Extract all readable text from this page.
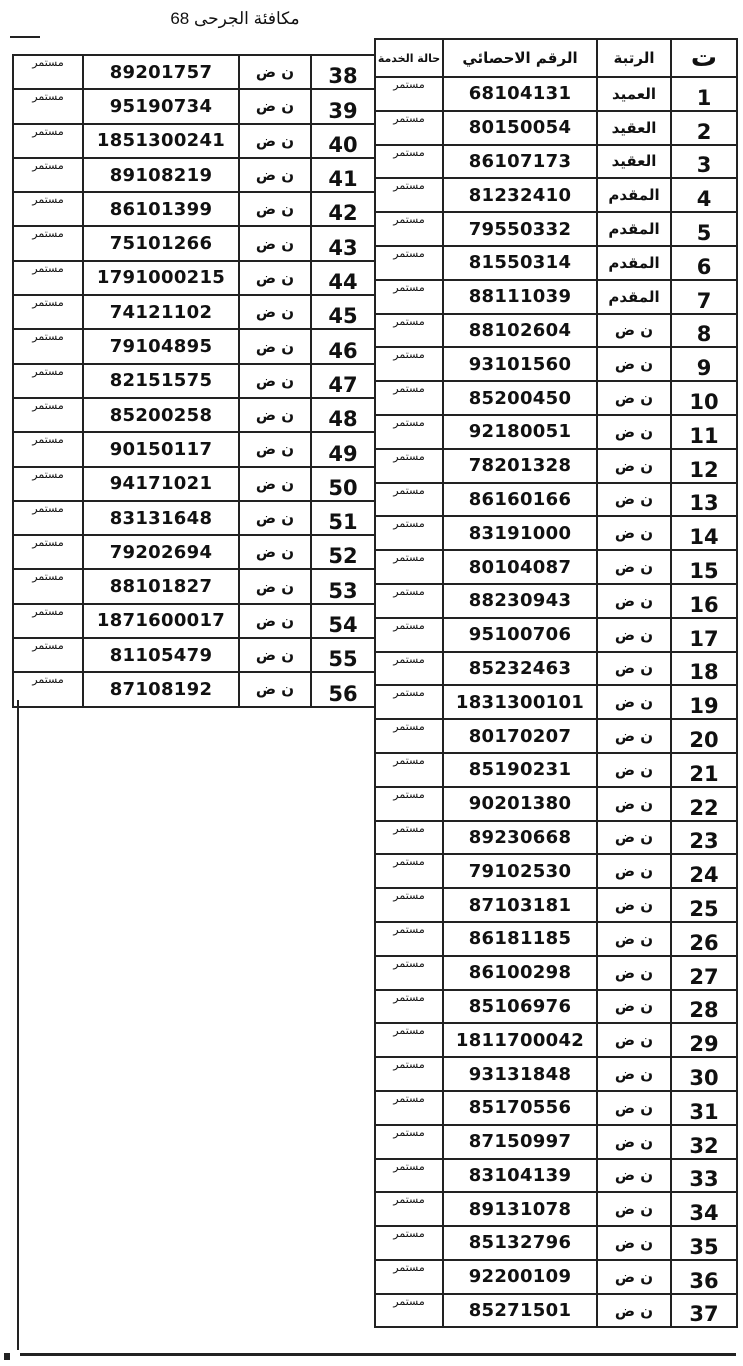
مكافئة الجرحى 68
حالة الخدمة	الرقم الاحصائي	الرتبة	ت
مستمر	68104131	العميد	1
مستمر	80150054	العقيد	2
مستمر	86107173	العقيد	3
مستمر	81232410	المقدم	4
مستمر	79550332	المقدم	5
مستمر	81550314	المقدم	6
مستمر	88111039	المقدم	7
مستمر	88102604	ن ض	8
مستمر	93101560	ن ض	9
مستمر	85200450	ن ض	10
مستمر	92180051	ن ض	11
مستمر	78201328	ن ض	12
مستمر	86160166	ن ض	13
مستمر	83191000	ن ض	14
مستمر	80104087	ن ض	15
مستمر	88230943	ن ض	16
مستمر	95100706	ن ض	17
مستمر	85232463	ن ض	18
مستمر	1831300101	ن ض	19
مستمر	80170207	ن ض	20
مستمر	85190231	ن ض	21
مستمر	90201380	ن ض	22
مستمر	89230668	ن ض	23
مستمر	79102530	ن ض	24
مستمر	87103181	ن ض	25
مستمر	86181185	ن ض	26
مستمر	86100298	ن ض	27
مستمر	85106976	ن ض	28
مستمر	1811700042	ن ض	29
مستمر	93131848	ن ض	30
مستمر	85170556	ن ض	31
مستمر	87150997	ن ض	32
مستمر	83104139	ن ض	33
مستمر	89131078	ن ض	34
مستمر	85132796	ن ض	35
مستمر	92200109	ن ض	36
مستمر	85271501	ن ض	37
مستمر	89201757	ن ض	38
مستمر	95190734	ن ض	39
مستمر	1851300241	ن ض	40
مستمر	89108219	ن ض	41
مستمر	86101399	ن ض	42
مستمر	75101266	ن ض	43
مستمر	1791000215	ن ض	44
مستمر	74121102	ن ض	45
مستمر	79104895	ن ض	46
مستمر	82151575	ن ض	47
مستمر	85200258	ن ض	48
مستمر	90150117	ن ض	49
مستمر	94171021	ن ض	50
مستمر	83131648	ن ض	51
مستمر	79202694	ن ض	52
مستمر	88101827	ن ض	53
مستمر	1871600017	ن ض	54
مستمر	81105479	ن ض	55
مستمر	87108192	ن ض	56
